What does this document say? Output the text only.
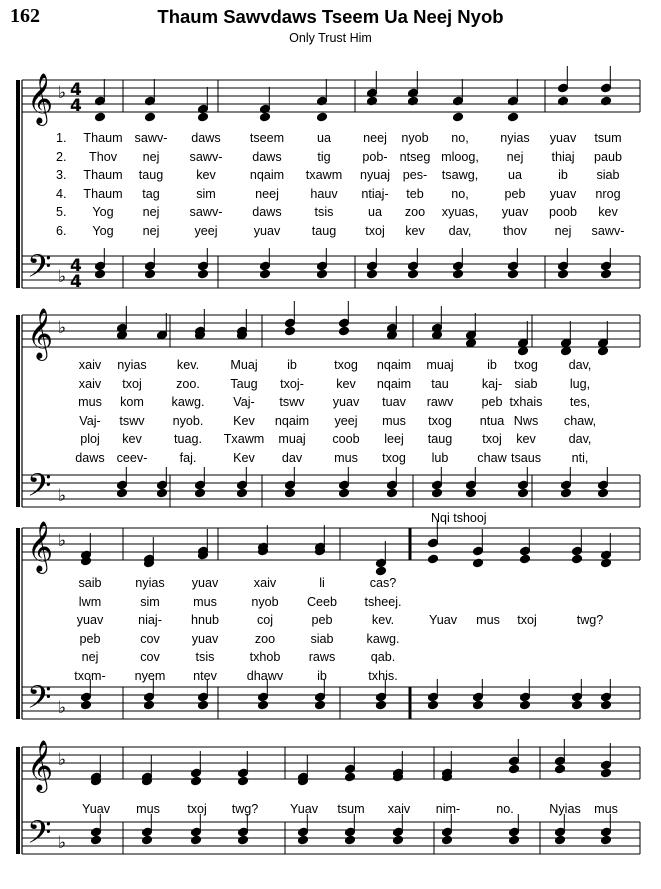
162	Thaum Sawvdaws Tseem Ua Neej Nyob
Only Trust Him
𝄞
𝄢
♭
♭
4
4
4
4
𝄞
𝄢
♭
♭
𝄞
𝄢
♭
♭
𝄞
𝄢
♭
♭
Nqi tshooj
1. Thaum sawv- daws tseem	ua	neej nyob no,	nyias yuav tsum
2. Thov nej sawv- daws	tig	pob- ntseg mloog, nej thiaj paub
3. Thaum taug	kev	nqaim txawm nyuaj pes- tsawg, ua	ib siab
4. Thaum tag	sim	neej hauv ntiaj- teb no,	peb yuav nrog
5. Yog nej sawv- daws	tsis	ua zoo xyuas, yuav poob kev
6. Yog nej	yeej	yuav taug txoj kev dav,	thov nej sawv-
xaiv nyias kev. Muaj ib	txog nqaim muaj	ib txog dav,
xaiv txoj	zoo. Taug txoj-	kev nqaim tau	kaj- siab	lug,
mus kom kawg. Vaj- tswv yuav tuav rawv peb txhais tes,
Vaj- tswv nyob. Kev nqaim yeej mus txog ntua Nws chaw,
ploj kev	tuag. Txawm muaj coob leej taug txoj kev	dav,
daws ceev-	faj.	Kev dav	mus txog lub chaw tsaus nti,
saib	nyias yuav	xaiv	li	cas?
lwm	sim	mus	nyob Ceeb tsheej.
yuav	niaj- hnub	coj	peb	kev.	Yuav mus txoj	twg?
peb	cov	yuav	zoo	siab	kawg.
nej	cov	tsis	txhob raws	qab.
txom- nyem ntev dhawv	ib	txhis.
Yuav mus txoj twg?	Yuav tsum xaiv nim-	no.	Nyias mus
